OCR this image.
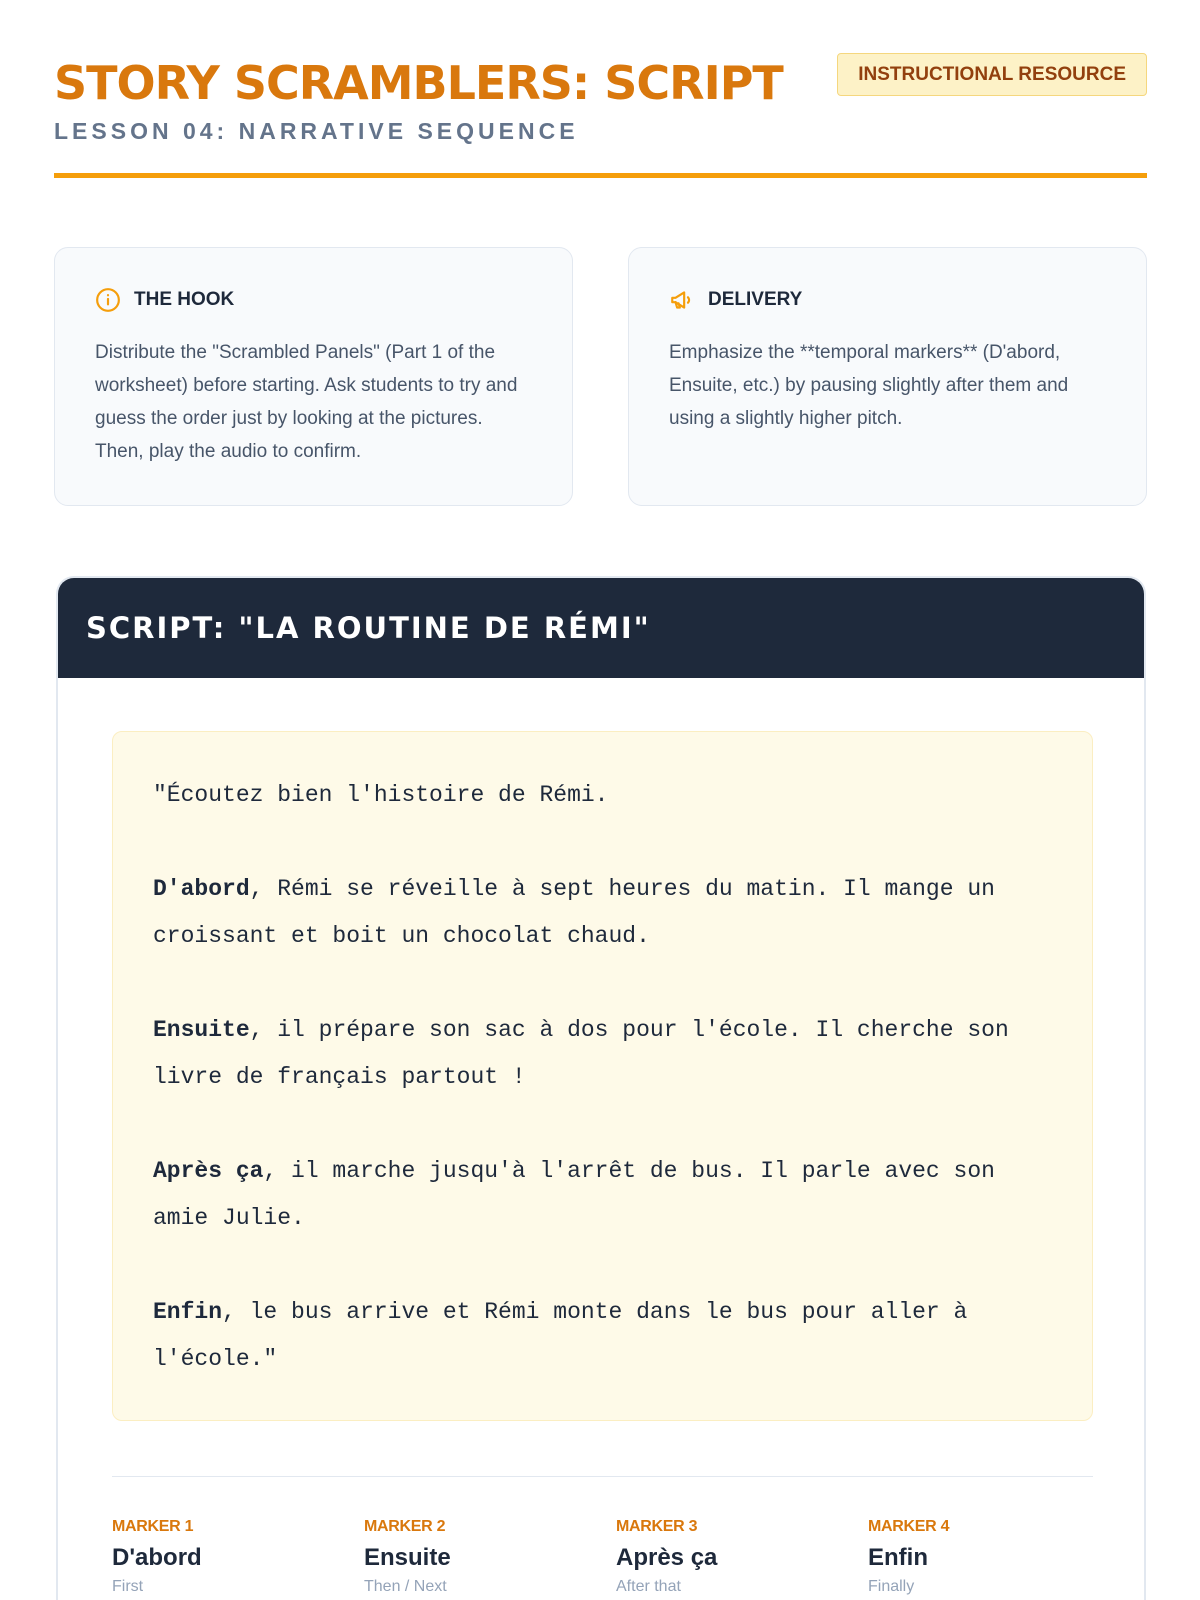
STORY SCRAMBLERS: SCRIPT	INSTRUCTIONAL RESOURCE
LESSON 04: NARRATIVE SEQUENCE
THE HOOK
Distribute the "Scrambled Panels" (Part 1 of the worksheet) before starting. Ask students to try and guess the order just by looking at the pictures. Then, play the audio to confirm.
DELIVERY
Emphasize the **temporal markers** (D'abord, Ensuite, etc.) by pausing slightly after them and using a slightly higher pitch.
SCRIPT: "LA ROUTINE DE RÉMI"

"Écoutez bien l'histoire de Rémi.

D'abord, Rémi se réveille à sept heures du matin. Il mange un croissant et boit un chocolat chaud.

Ensuite, il prépare son sac à dos pour l'école. Il cherche son livre de français partout !

Après ça, il marche jusqu'à l'arrêt de bus. Il parle avec son amie Julie.

Enfin, le bus arrive et Rémi monte dans le bus pour aller à l'école."

MARKER 1
D'abord
First
MARKER 2
Ensuite
Then / Next
MARKER 3
Après ça
After that
MARKER 4
Enfin
Finally
